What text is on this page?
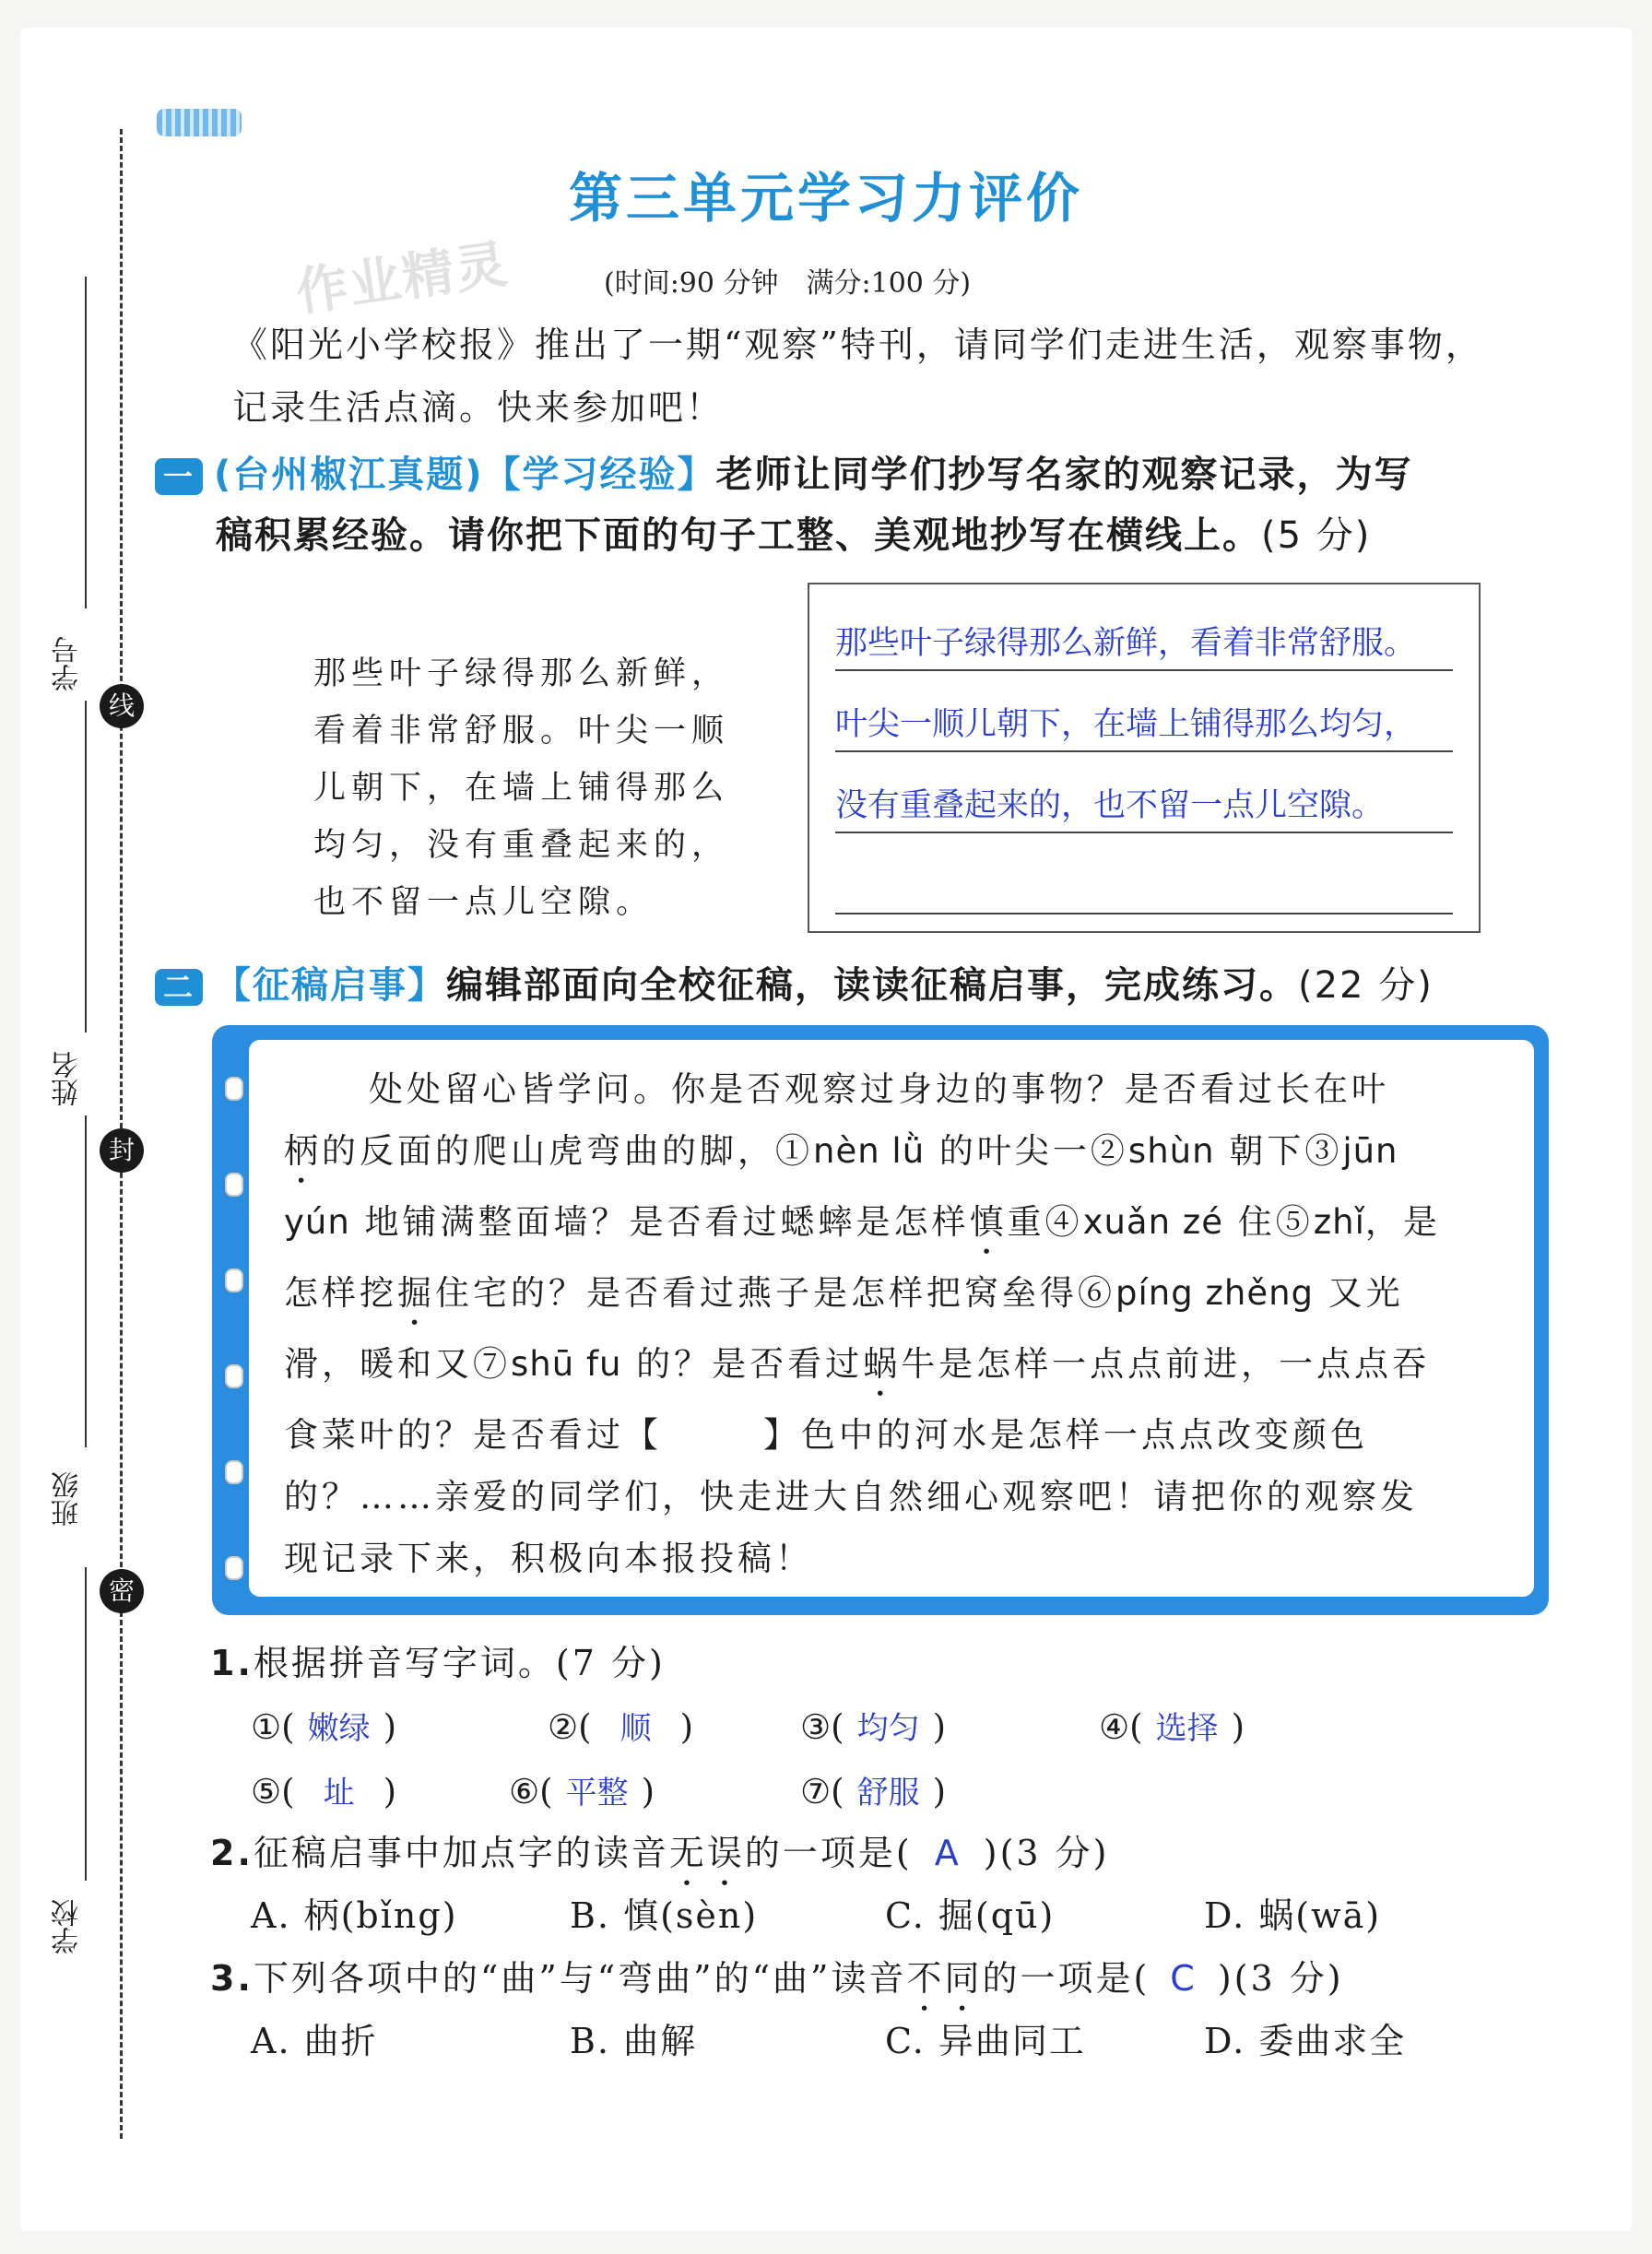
学号
姓名
班级
学校
线
封
密
第三单元学习力评价
作业精灵	(时间:90 分钟　满分:100 分)
《阳光小学校报》推出了一期“观察”特刊，请同学们走进生活，观察事物，记录生活点滴。快来参加吧！
一 (台州椒江真题)【学习经验】老师让同学们抄写名家的观察记录，为写
稿积累经验。请你把下面的句子工整、美观地抄写在横线上。(5 分)
那些叶子绿得那么新鲜，看着非常舒服。叶尖一顺儿朝下，在墙上铺得那么均匀，没有重叠起来的，也不留一点儿空隙。
那些叶子绿得那么新鲜，看着非常舒服。
叶尖一顺儿朝下，在墙上铺得那么均匀，
没有重叠起来的，也不留一点儿空隙。
二 【征稿启事】编辑部面向全校征稿，读读征稿启事，完成练习。(22 分)
处处留心皆学问。你是否观察过身边的事物？是否看过长在叶
柄的反面的爬山虎弯曲的脚，①nèn lǜ 的叶尖一②shùn 朝下③jūn
yún 地铺满整面墙？是否看过蟋蟀是怎样慎重④xuǎn zé 住⑤zhǐ，是
怎样挖掘住宅的？是否看过燕子是怎样把窝垒得⑥píng zhěng 又光
滑，暖和又⑦shū fu 的？是否看过蜗牛是怎样一点点前进，一点点吞
食菜叶的？是否看过【	】色中的河水是怎样一点点改变颜色
的？……亲爱的同学们，快走进大自然细心观察吧！请把你的观察发
现记录下来，积极向本报投稿！
1.根据拼音写字词。(7 分)
①( 嫩绿 )	②( 顺 )	③( 均匀 )	④( 选择 )
⑤( 址 )	⑥( 平整 )	⑦( 舒服 )
2.征稿启事中加点字的读音无误的一项是( A )(3 分)
A. 柄(bǐng)	B. 慎(sèn)	C. 掘(qū)	D. 蜗(wā)
3.下列各项中的“曲”与“弯曲”的“曲”读音不同的一项是( C )(3 分)
A. 曲折	B. 曲解	C. 异曲同工	D. 委曲求全
